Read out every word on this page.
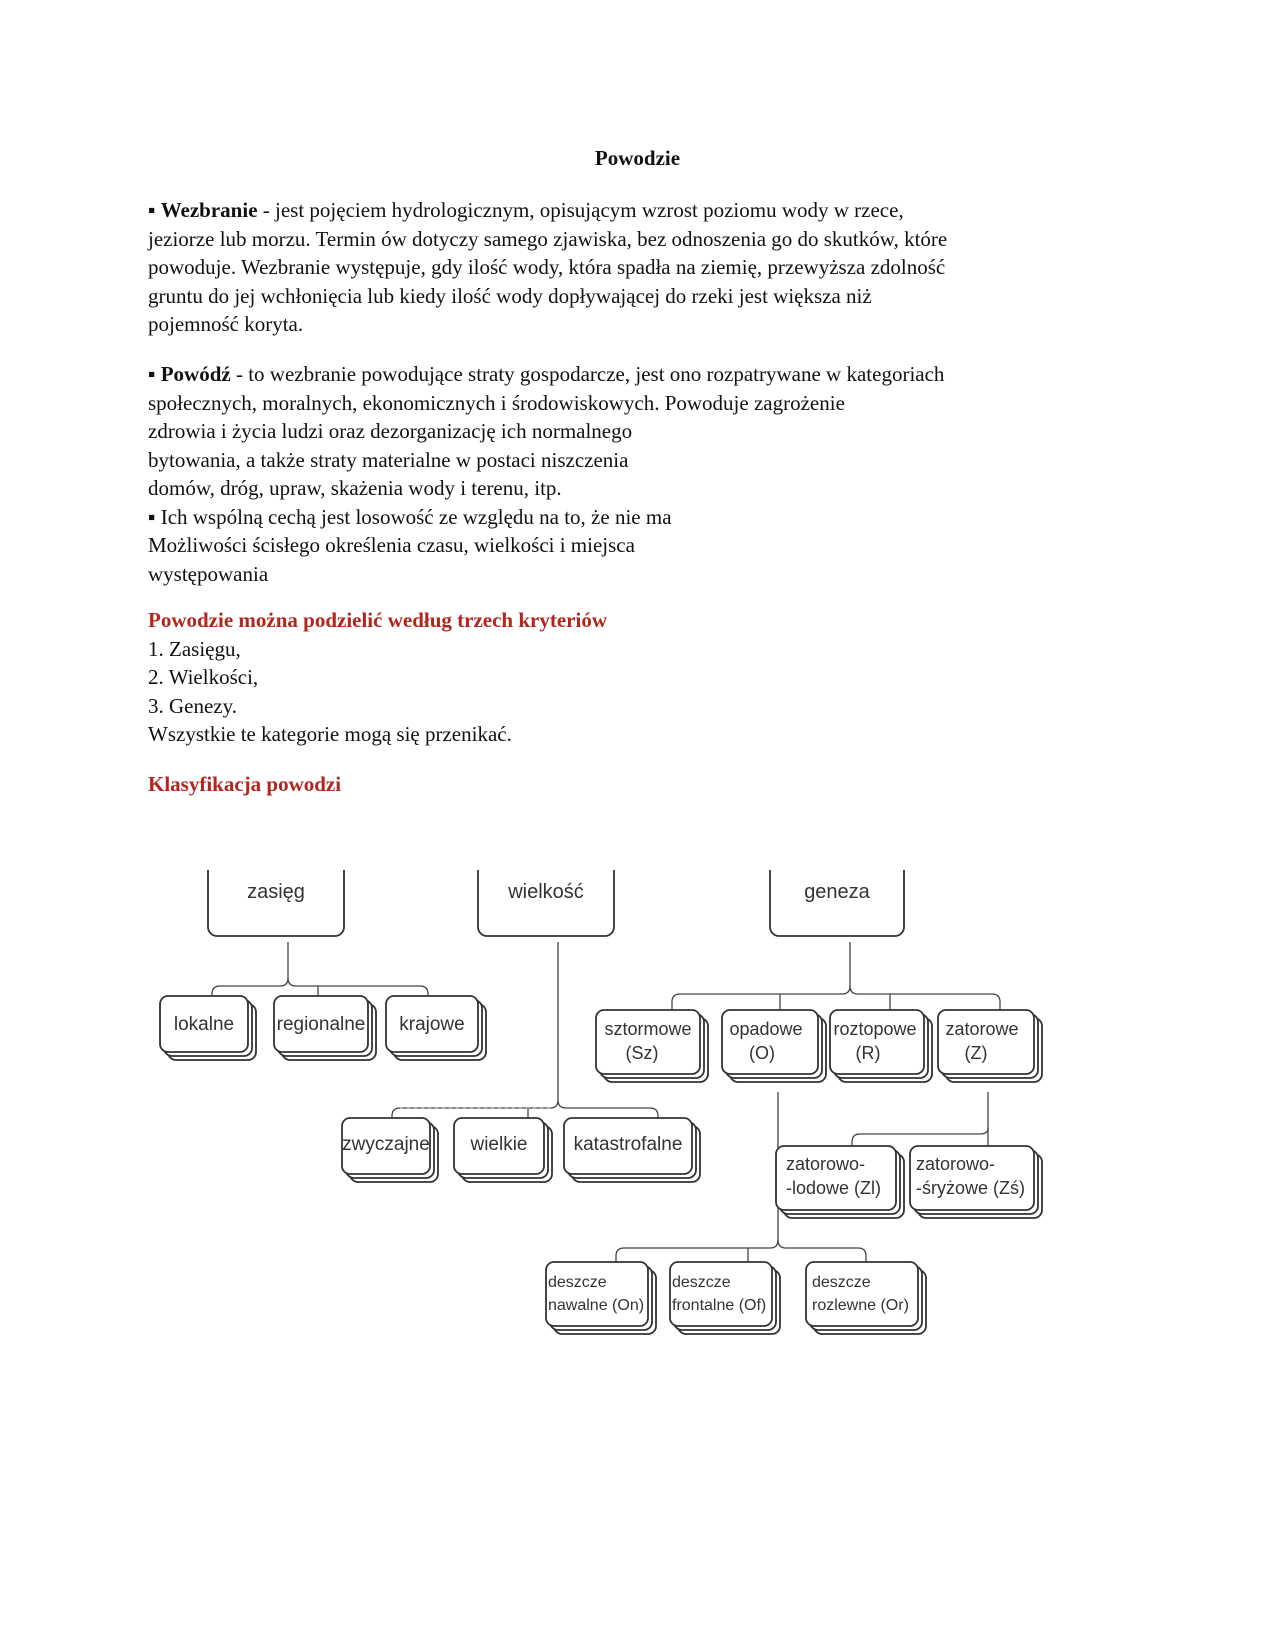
Powodzie
▪ Wezbranie - jest pojęciem hydrologicznym, opisującym wzrost poziomu wody w rzece,
jeziorze lub morzu. Termin ów dotyczy samego zjawiska, bez odnoszenia go do skutków, które
powoduje. Wezbranie występuje, gdy ilość wody, która spadła na ziemię, przewyższa zdolność
gruntu do jej wchłonięcia lub kiedy ilość wody dopływającej do rzeki jest większa niż
pojemność koryta.
▪ Powódź - to wezbranie powodujące straty gospodarcze, jest ono rozpatrywane w kategoriach
społecznych, moralnych, ekonomicznych i środowiskowych. Powoduje zagrożenie
zdrowia i życia ludzi oraz dezorganizację ich normalnego
bytowania, a także straty materialne w postaci niszczenia
domów, dróg, upraw, skażenia wody i terenu, itp.
▪ Ich wspólną cechą jest losowość ze względu na to, że nie ma
Możliwości ścisłego określenia czasu, wielkości i miejsca
występowania
Powodzie można podzielić według trzech kryteriów
1. Zasięgu,
2. Wielkości,
3. Genezy.
Wszystkie te kategorie mogą się przenikać.
Klasyfikacja powodzi
zasięg	wielkość	geneza
lokalne regionalne krajowe
zwyczajne wielkie katastrofalne
sztormowe
(Sz)
opadowe
(O)
roztopowe
(R)
zatorowe
(Z)
zatorowo-
-lodowe (Zl)
zatorowo-
-śryżowe (Zś)
deszcze
nawalne (On)
deszcze
frontalne (Of)
deszcze
rozlewne (Or)
